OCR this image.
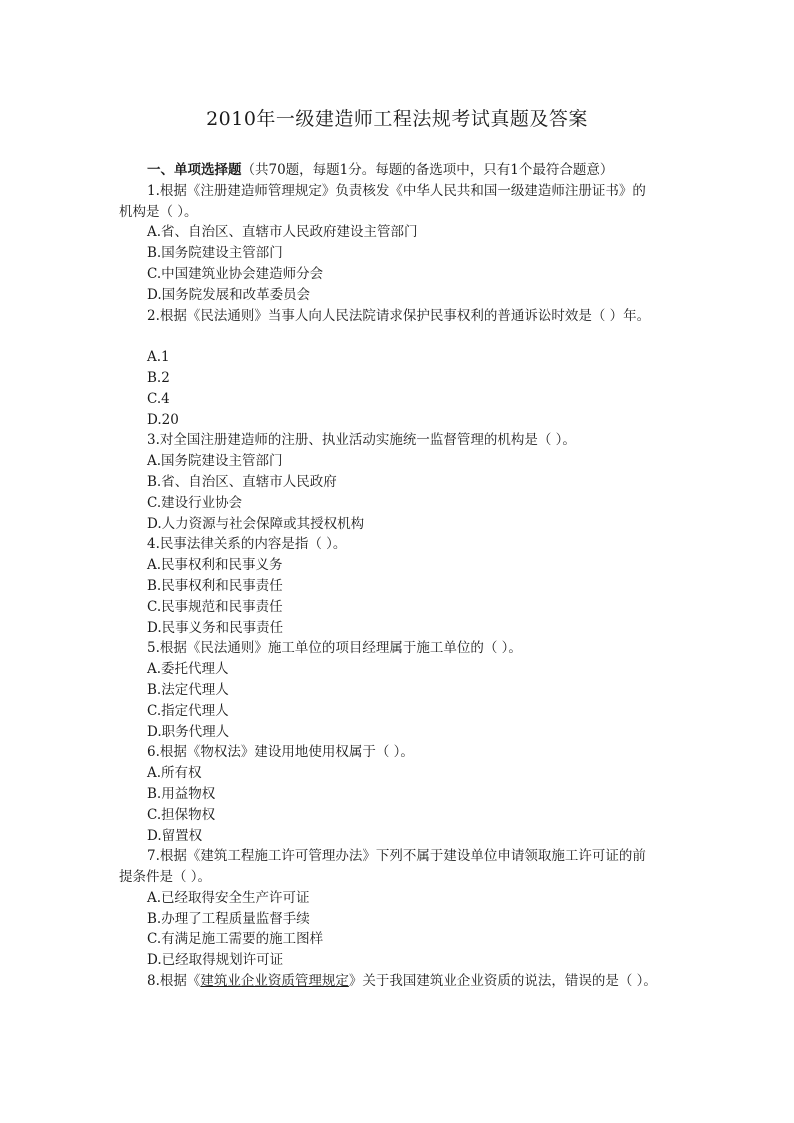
2010年一级建造师工程法规考试真题及答案
一、单项选择题（共70题，每题1分。每题的备选项中，只有1个最符合题意）
1.根据《注册建造师管理规定》负责核发《中华人民共和国一级建造师注册证书》的
机构是（ ）。
A.省、自治区、直辖市人民政府建设主管部门
B.国务院建设主管部门
C.中国建筑业协会建造师分会
D.国务院发展和改革委员会
2.根据《民法通则》当事人向人民法院请求保护民事权利的普通诉讼时效是（ ）年。
A.1
B.2
C.4
D.20
3.对全国注册建造师的注册、执业活动实施统一监督管理的机构是（ ）。
A.国务院建设主管部门
B.省、自治区、直辖市人民政府
C.建设行业协会
D.人力资源与社会保障或其授权机构
4.民事法律关系的内容是指（ ）。
A.民事权利和民事义务
B.民事权利和民事责任
C.民事规范和民事责任
D.民事义务和民事责任
5.根据《民法通则》施工单位的项目经理属于施工单位的（ ）。
A.委托代理人
B.法定代理人
C.指定代理人
D.职务代理人
6.根据《物权法》建设用地使用权属于（ ）。
A.所有权
B.用益物权
C.担保物权
D.留置权
7.根据《建筑工程施工许可管理办法》下列不属于建设单位申请领取施工许可证的前
提条件是（ ）。
A.已经取得安全生产许可证
B.办理了工程质量监督手续
C.有满足施工需要的施工图样
D.已经取得规划许可证
8.根据《建筑业企业资质管理规定》关于我国建筑业企业资质的说法，错误的是（ ）。
